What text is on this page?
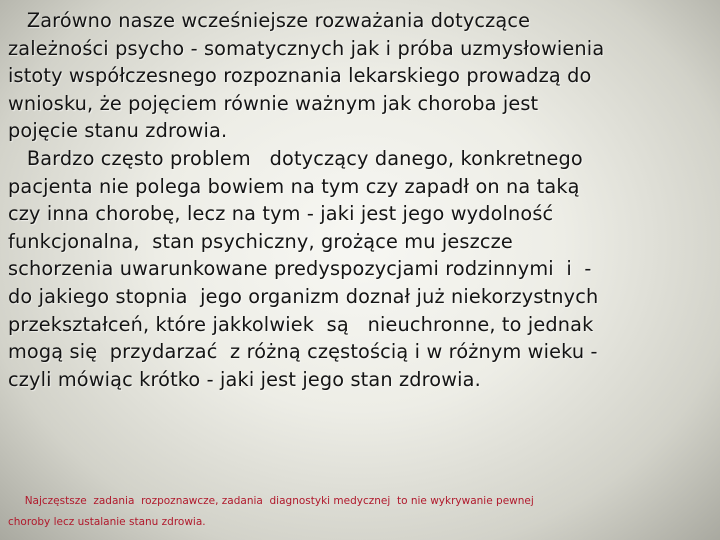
Zarówno nasze wcześniejsze rozważania dotyczące
zależności psycho - somatycznych jak i próba uzmysłowienia
istoty współczesnego rozpoznania lekarskiego prowadzą do
wniosku, że pojęciem równie ważnym jak choroba jest
pojęcie stanu zdrowia.
Bardzo często problem   dotyczący danego, konkretnego
pacjenta nie polega bowiem na tym czy zapadł on na taką
czy inna chorobę, lecz na tym - jaki jest jego wydolność
funkcjonalna,  stan psychiczny, grożące mu jeszcze
schorzenia uwarunkowane predyspozycjami rodzinnymi  i  -
do jakiego stopnia  jego organizm doznał już niekorzystnych
przekształceń, które jakkolwiek  są   nieuchronne, to jednak
mogą się  przydarzać  z różną częstością i w różnym wieku -
czyli mówiąc krótko - jaki jest jego stan zdrowia.
Najczęstsze  zadania  rozpoznawcze, zadania  diagnostyki medycznej  to nie wykrywanie pewnej
choroby lecz ustalanie stanu zdrowia.
